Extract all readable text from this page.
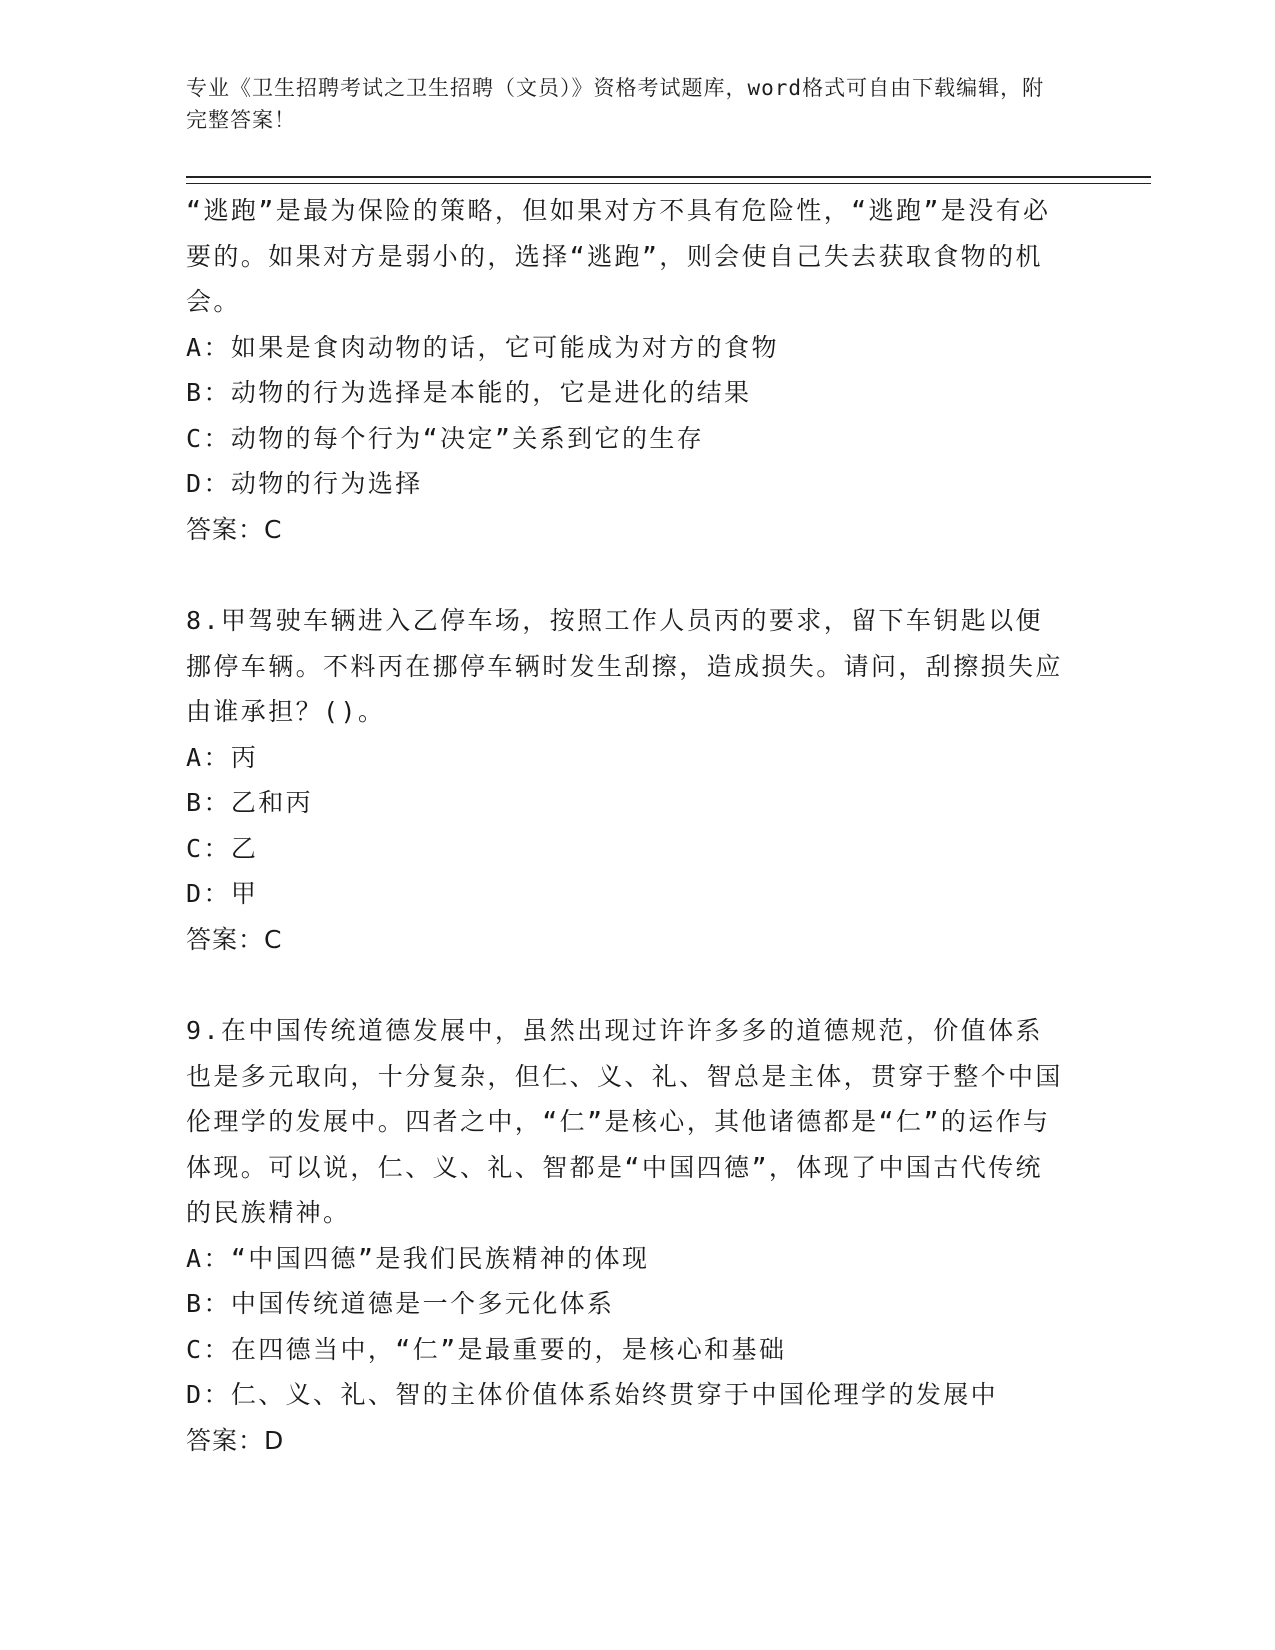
专业《卫生招聘考试之卫生招聘（文员）》资格考试题库，word格式可自由下载编辑，附完整答案！

“逃跑”是最为保险的策略，但如果对方不具有危险性，“逃跑”是没有必要的。如果对方是弱小的，选择“逃跑”，则会使自己失去获取食物的机会。

A：如果是食肉动物的话，它可能成为对方的食物

B：动物的行为选择是本能的，它是进化的结果

C：动物的每个行为“决定”关系到它的生存

D：动物的行为选择

答案：C

8.甲驾驶车辆进入乙停车场，按照工作人员丙的要求，留下车钥匙以便挪停车辆。不料丙在挪停车辆时发生刮擦，造成损失。请问，刮擦损失应由谁承担？()。

A：丙

B：乙和丙

C：乙

D：甲

答案：C

9.在中国传统道德发展中，虽然出现过许许多多的道德规范，价值体系也是多元取向，十分复杂，但仁、义、礼、智总是主体，贯穿于整个中国伦理学的发展中。四者之中，“仁”是核心，其他诸德都是“仁”的运作与体现。可以说，仁、义、礼、智都是“中国四德”，体现了中国古代传统的民族精神。

A：“中国四德”是我们民族精神的体现

B：中国传统道德是一个多元化体系

C：在四德当中，“仁”是最重要的，是核心和基础

D：仁、义、礼、智的主体价值体系始终贯穿于中国伦理学的发展中

答案：D
